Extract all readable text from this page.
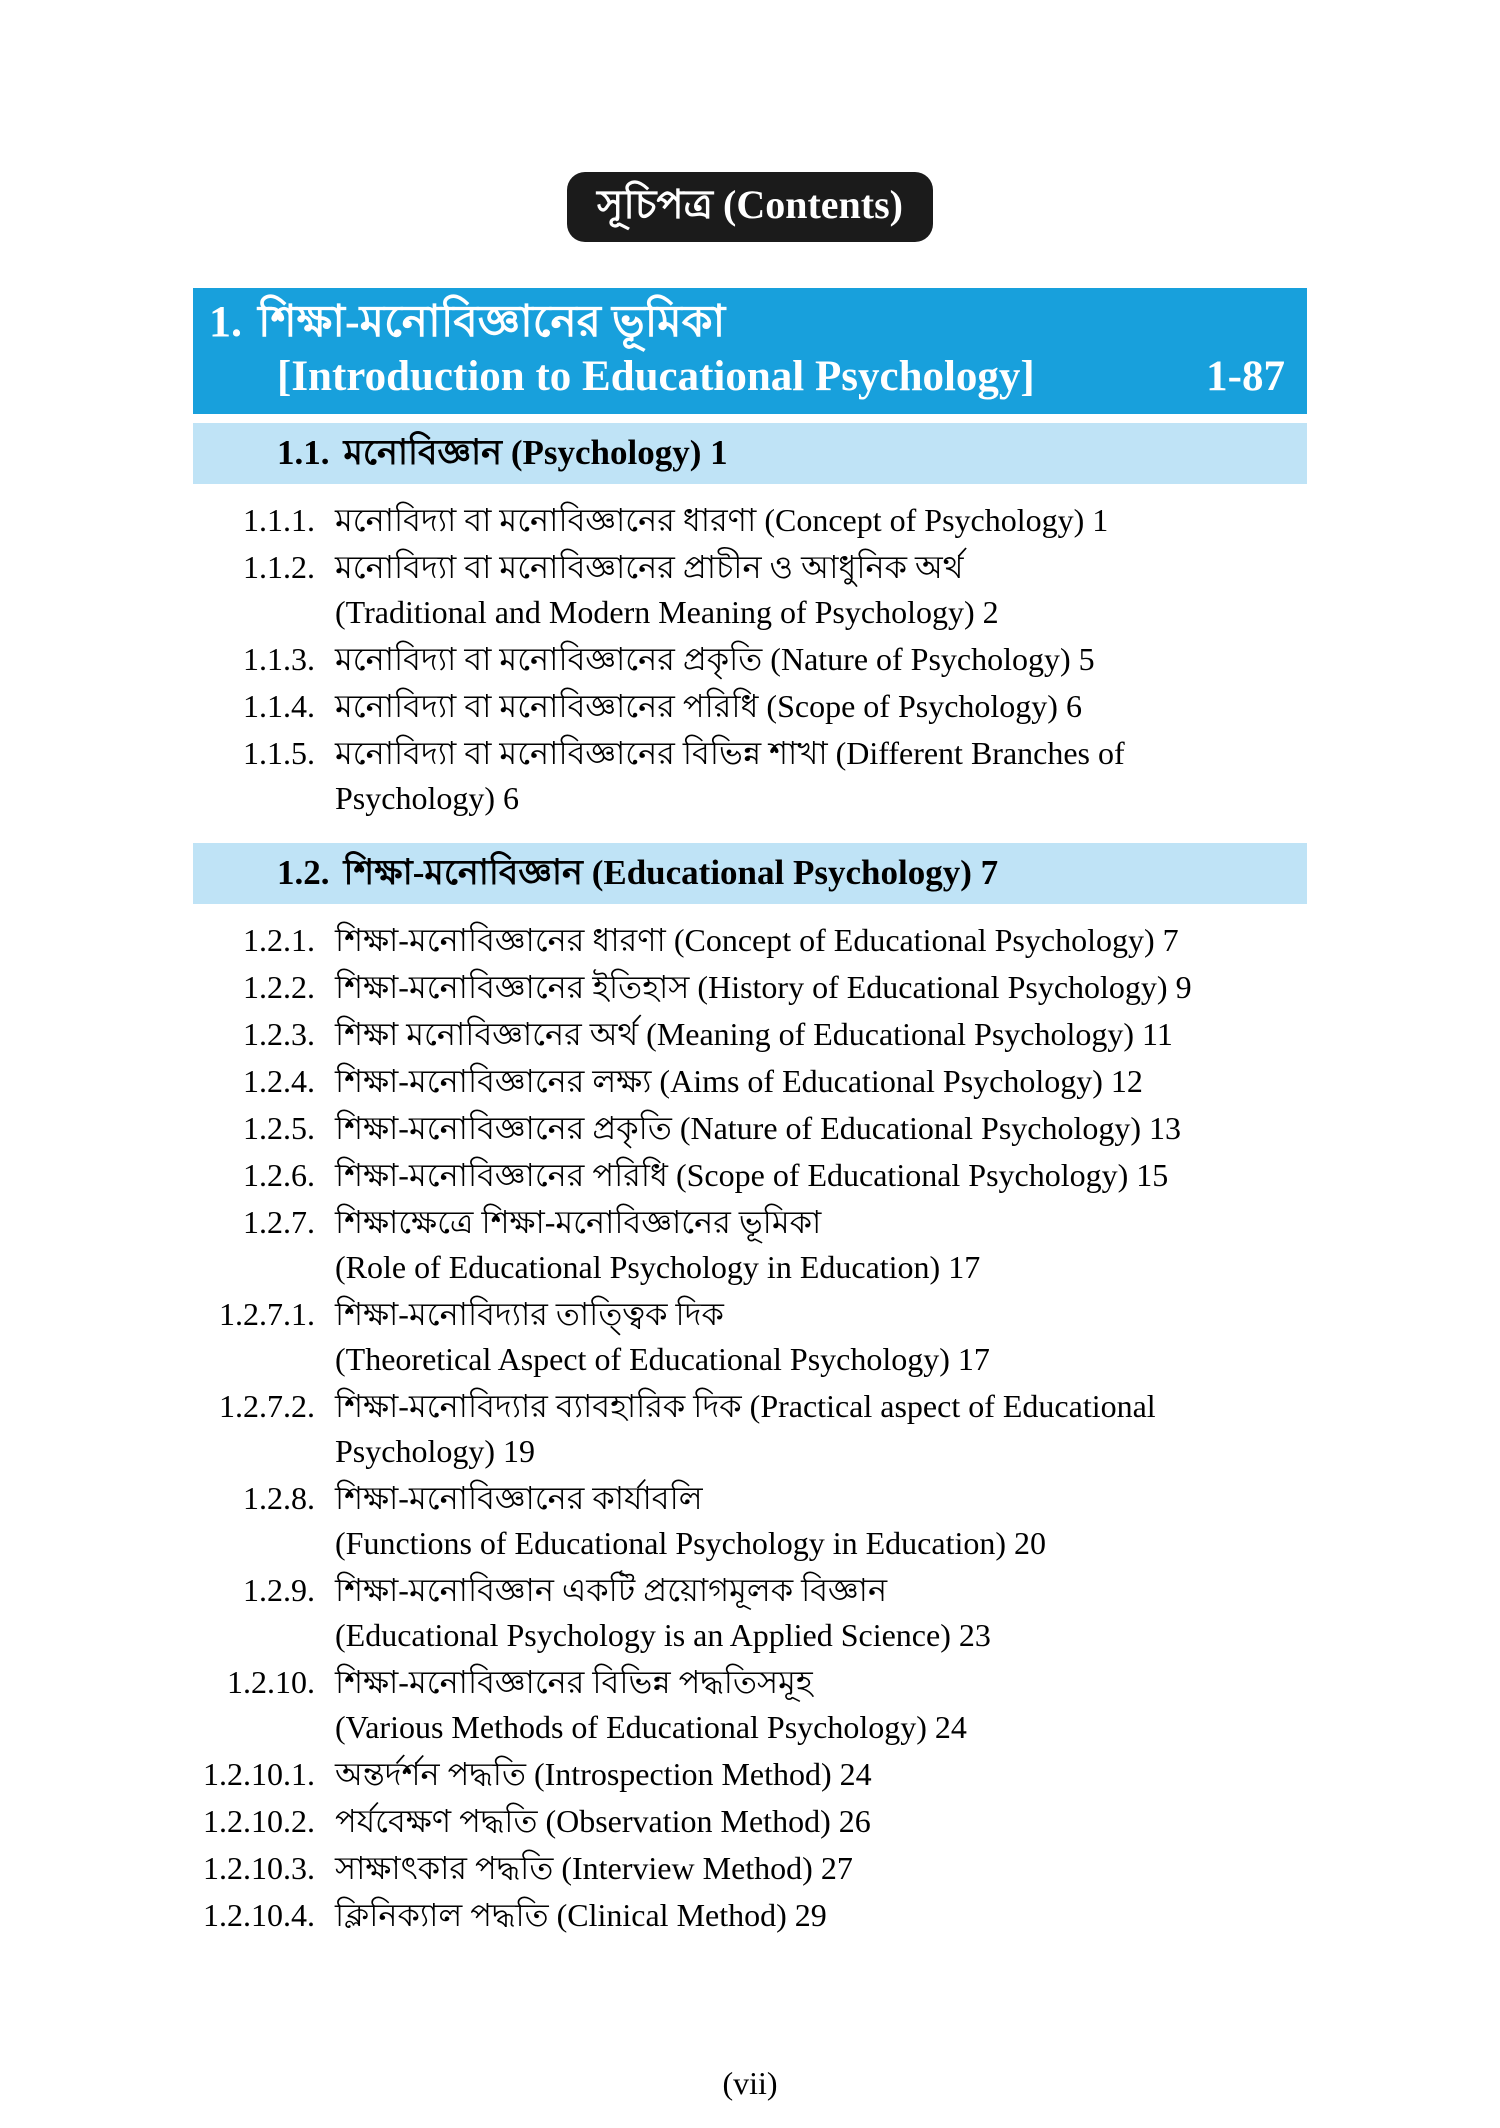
সূচিপত্র (Contents)
1. শিক্ষা-মনোবিজ্ঞানের ভূমিকা
[Introduction to Educational Psychology]	1-87
1.1. মনোবিজ্ঞান (Psychology) 1
1.1.1. মনোবিদ্যা বা মনোবিজ্ঞানের ধারণা (Concept of Psychology) 1
1.1.2. মনোবিদ্যা বা মনোবিজ্ঞানের প্রাচীন ও আধুনিক অর্থ
(Traditional and Modern Meaning of Psychology) 2
1.1.3. মনোবিদ্যা বা মনোবিজ্ঞানের প্রকৃতি (Nature of Psychology) 5
1.1.4. মনোবিদ্যা বা মনোবিজ্ঞানের পরিধি (Scope of Psychology) 6
1.1.5. মনোবিদ্যা বা মনোবিজ্ঞানের বিভিন্ন শাখা (Different Branches of
Psychology) 6
1.2. শিক্ষা-মনোবিজ্ঞান (Educational Psychology) 7
1.2.1. শিক্ষা-মনোবিজ্ঞানের ধারণা (Concept of Educational Psychology) 7
1.2.2. শিক্ষা-মনোবিজ্ঞানের ইতিহাস (History of Educational Psychology) 9
1.2.3. শিক্ষা মনোবিজ্ঞানের অর্থ (Meaning of Educational Psychology) 11
1.2.4. শিক্ষা-মনোবিজ্ঞানের লক্ষ্য (Aims of Educational Psychology) 12
1.2.5. শিক্ষা-মনোবিজ্ঞানের প্রকৃতি (Nature of Educational Psychology) 13
1.2.6. শিক্ষা-মনোবিজ্ঞানের পরিধি (Scope of Educational Psychology) 15
1.2.7. শিক্ষাক্ষেত্রে শিক্ষা-মনোবিজ্ঞানের ভূমিকা
(Role of Educational Psychology in Education) 17
1.2.7.1. শিক্ষা-মনোবিদ্যার তাত্ত্বিক দিক
(Theoretical Aspect of Educational Psychology) 17
1.2.7.2. শিক্ষা-মনোবিদ্যার ব্যাবহারিক দিক (Practical aspect of Educational
Psychology) 19
1.2.8. শিক্ষা-মনোবিজ্ঞানের কার্যাবলি
(Functions of Educational Psychology in Education) 20
1.2.9. শিক্ষা-মনোবিজ্ঞান একটি প্রয়োগমূলক বিজ্ঞান
(Educational Psychology is an Applied Science) 23
1.2.10. শিক্ষা-মনোবিজ্ঞানের বিভিন্ন পদ্ধতিসমূহ
(Various Methods of Educational Psychology) 24
1.2.10.1. অন্তর্দর্শন পদ্ধতি (Introspection Method) 24
1.2.10.2. পর্যবেক্ষণ পদ্ধতি (Observation Method) 26
1.2.10.3. সাক্ষাৎকার পদ্ধতি (Interview Method) 27
1.2.10.4. ক্লিনিক্যাল পদ্ধতি (Clinical Method) 29
(vii)
